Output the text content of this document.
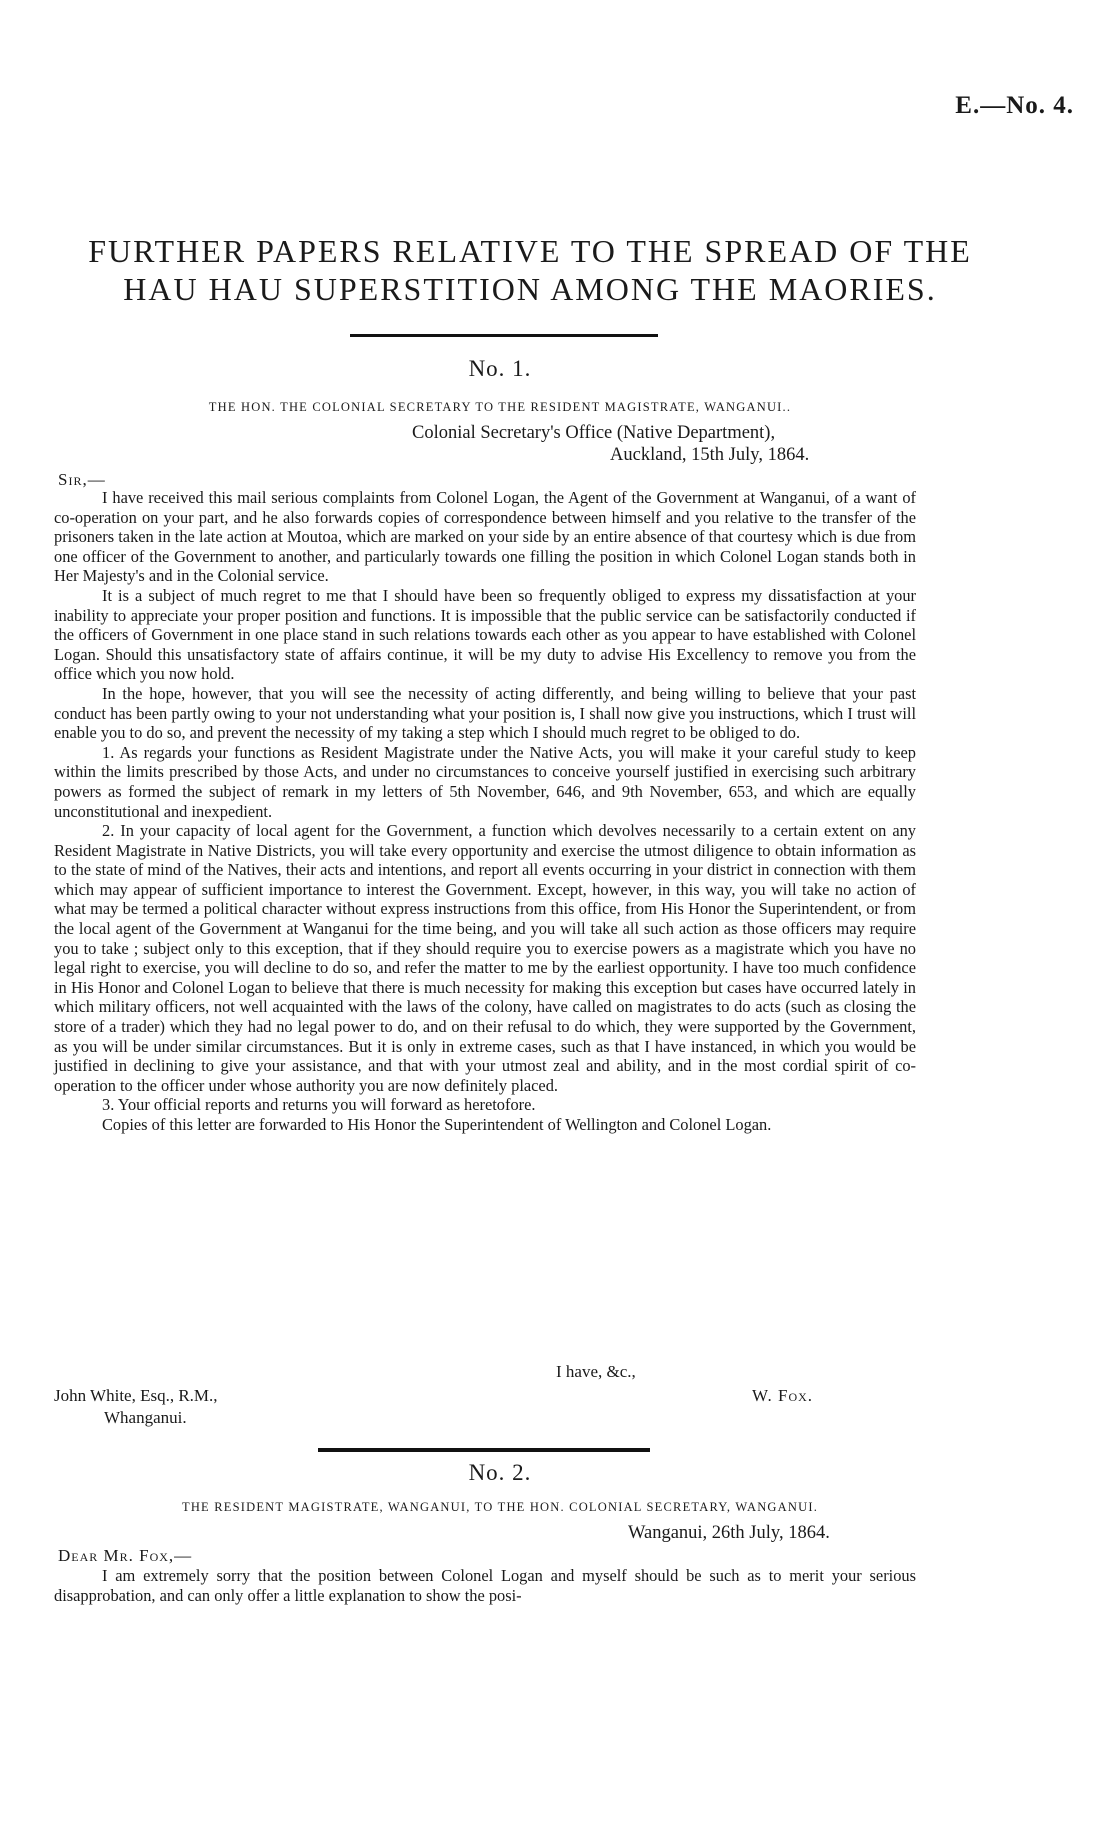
E.—No. 4.
FURTHER PAPERS RELATIVE TO THE SPREAD OF THE
HAU HAU SUPERSTITION AMONG THE MAORIES.
No. 1.
THE HON. THE COLONIAL SECRETARY TO THE RESIDENT MAGISTRATE, WANGANUI..
Colonial Secretary's Office (Native Department),
Auckland, 15th July, 1864.
Sir,—

I have received this mail serious complaints from Colonel Logan, the Agent of the Government at Wanganui, of a want of co-operation on your part, and he also forwards copies of correspondence between himself and you relative to the transfer of the prisoners taken in the late action at Moutoa, which are marked on your side by an entire absence of that courtesy which is due from one officer of the Government to another, and particularly towards one filling the position in which Colonel Logan stands both in Her Majesty's and in the Colonial service.

It is a subject of much regret to me that I should have been so frequently obliged to express my dissatisfaction at your inability to appreciate your proper position and functions. It is impossible that the public service can be satisfactorily conducted if the officers of Government in one place stand in such relations towards each other as you appear to have established with Colonel Logan. Should this unsatisfactory state of affairs continue, it will be my duty to advise His Excellency to remove you from the office which you now hold.

In the hope, however, that you will see the necessity of acting differently, and being willing to believe that your past conduct has been partly owing to your not understanding what your position is, I shall now give you instructions, which I trust will enable you to do so, and prevent the necessity of my taking a step which I should much regret to be obliged to do.

1. As regards your functions as Resident Magistrate under the Native Acts, you will make it your careful study to keep within the limits prescribed by those Acts, and under no circumstances to conceive yourself justified in exercising such arbitrary powers as formed the subject of remark in my letters of 5th November, 646, and 9th November, 653, and which are equally unconstitutional and inexpedient.

2. In your capacity of local agent for the Government, a function which devolves necessarily to a certain extent on any Resident Magistrate in Native Districts, you will take every opportunity and exercise the utmost diligence to obtain information as to the state of mind of the Natives, their acts and intentions, and report all events occurring in your district in connection with them which may appear of sufficient importance to interest the Government. Except, however, in this way, you will take no action of what may be termed a political character without express instructions from this office, from His Honor the Superintendent, or from the local agent of the Government at Wanganui for the time being, and you will take all such action as those officers may require you to take ; subject only to this exception, that if they should require you to exercise powers as a magistrate which you have no legal right to exercise, you will decline to do so, and refer the matter to me by the earliest opportunity. I have too much confidence in His Honor and Colonel Logan to believe that there is much necessity for making this exception but cases have occurred lately in which military officers, not well acquainted with the laws of the colony, have called on magistrates to do acts (such as closing the store of a trader) which they had no legal power to do, and on their refusal to do which, they were supported by the Government, as you will be under similar circumstances. But it is only in extreme cases, such as that I have instanced, in which you would be justified in declining to give your assistance, and that with your utmost zeal and ability, and in the most cordial spirit of co-operation to the officer under whose authority you are now definitely placed.

3. Your official reports and returns you will forward as heretofore.

Copies of this letter are forwarded to His Honor the Superintendent of Wellington and Colonel Logan.

I have, &c.,
John White, Esq., R.M.,
Whanganui.
W. Fox.
No. 2.
THE RESIDENT MAGISTRATE, WANGANUI, TO THE HON. COLONIAL SECRETARY, WANGANUI.
Wanganui, 26th July, 1864.
Dear Mr. Fox,—

I am extremely sorry that the position between Colonel Logan and myself should be such as to merit your serious disapprobation, and can only offer a little explanation to show the posi-
